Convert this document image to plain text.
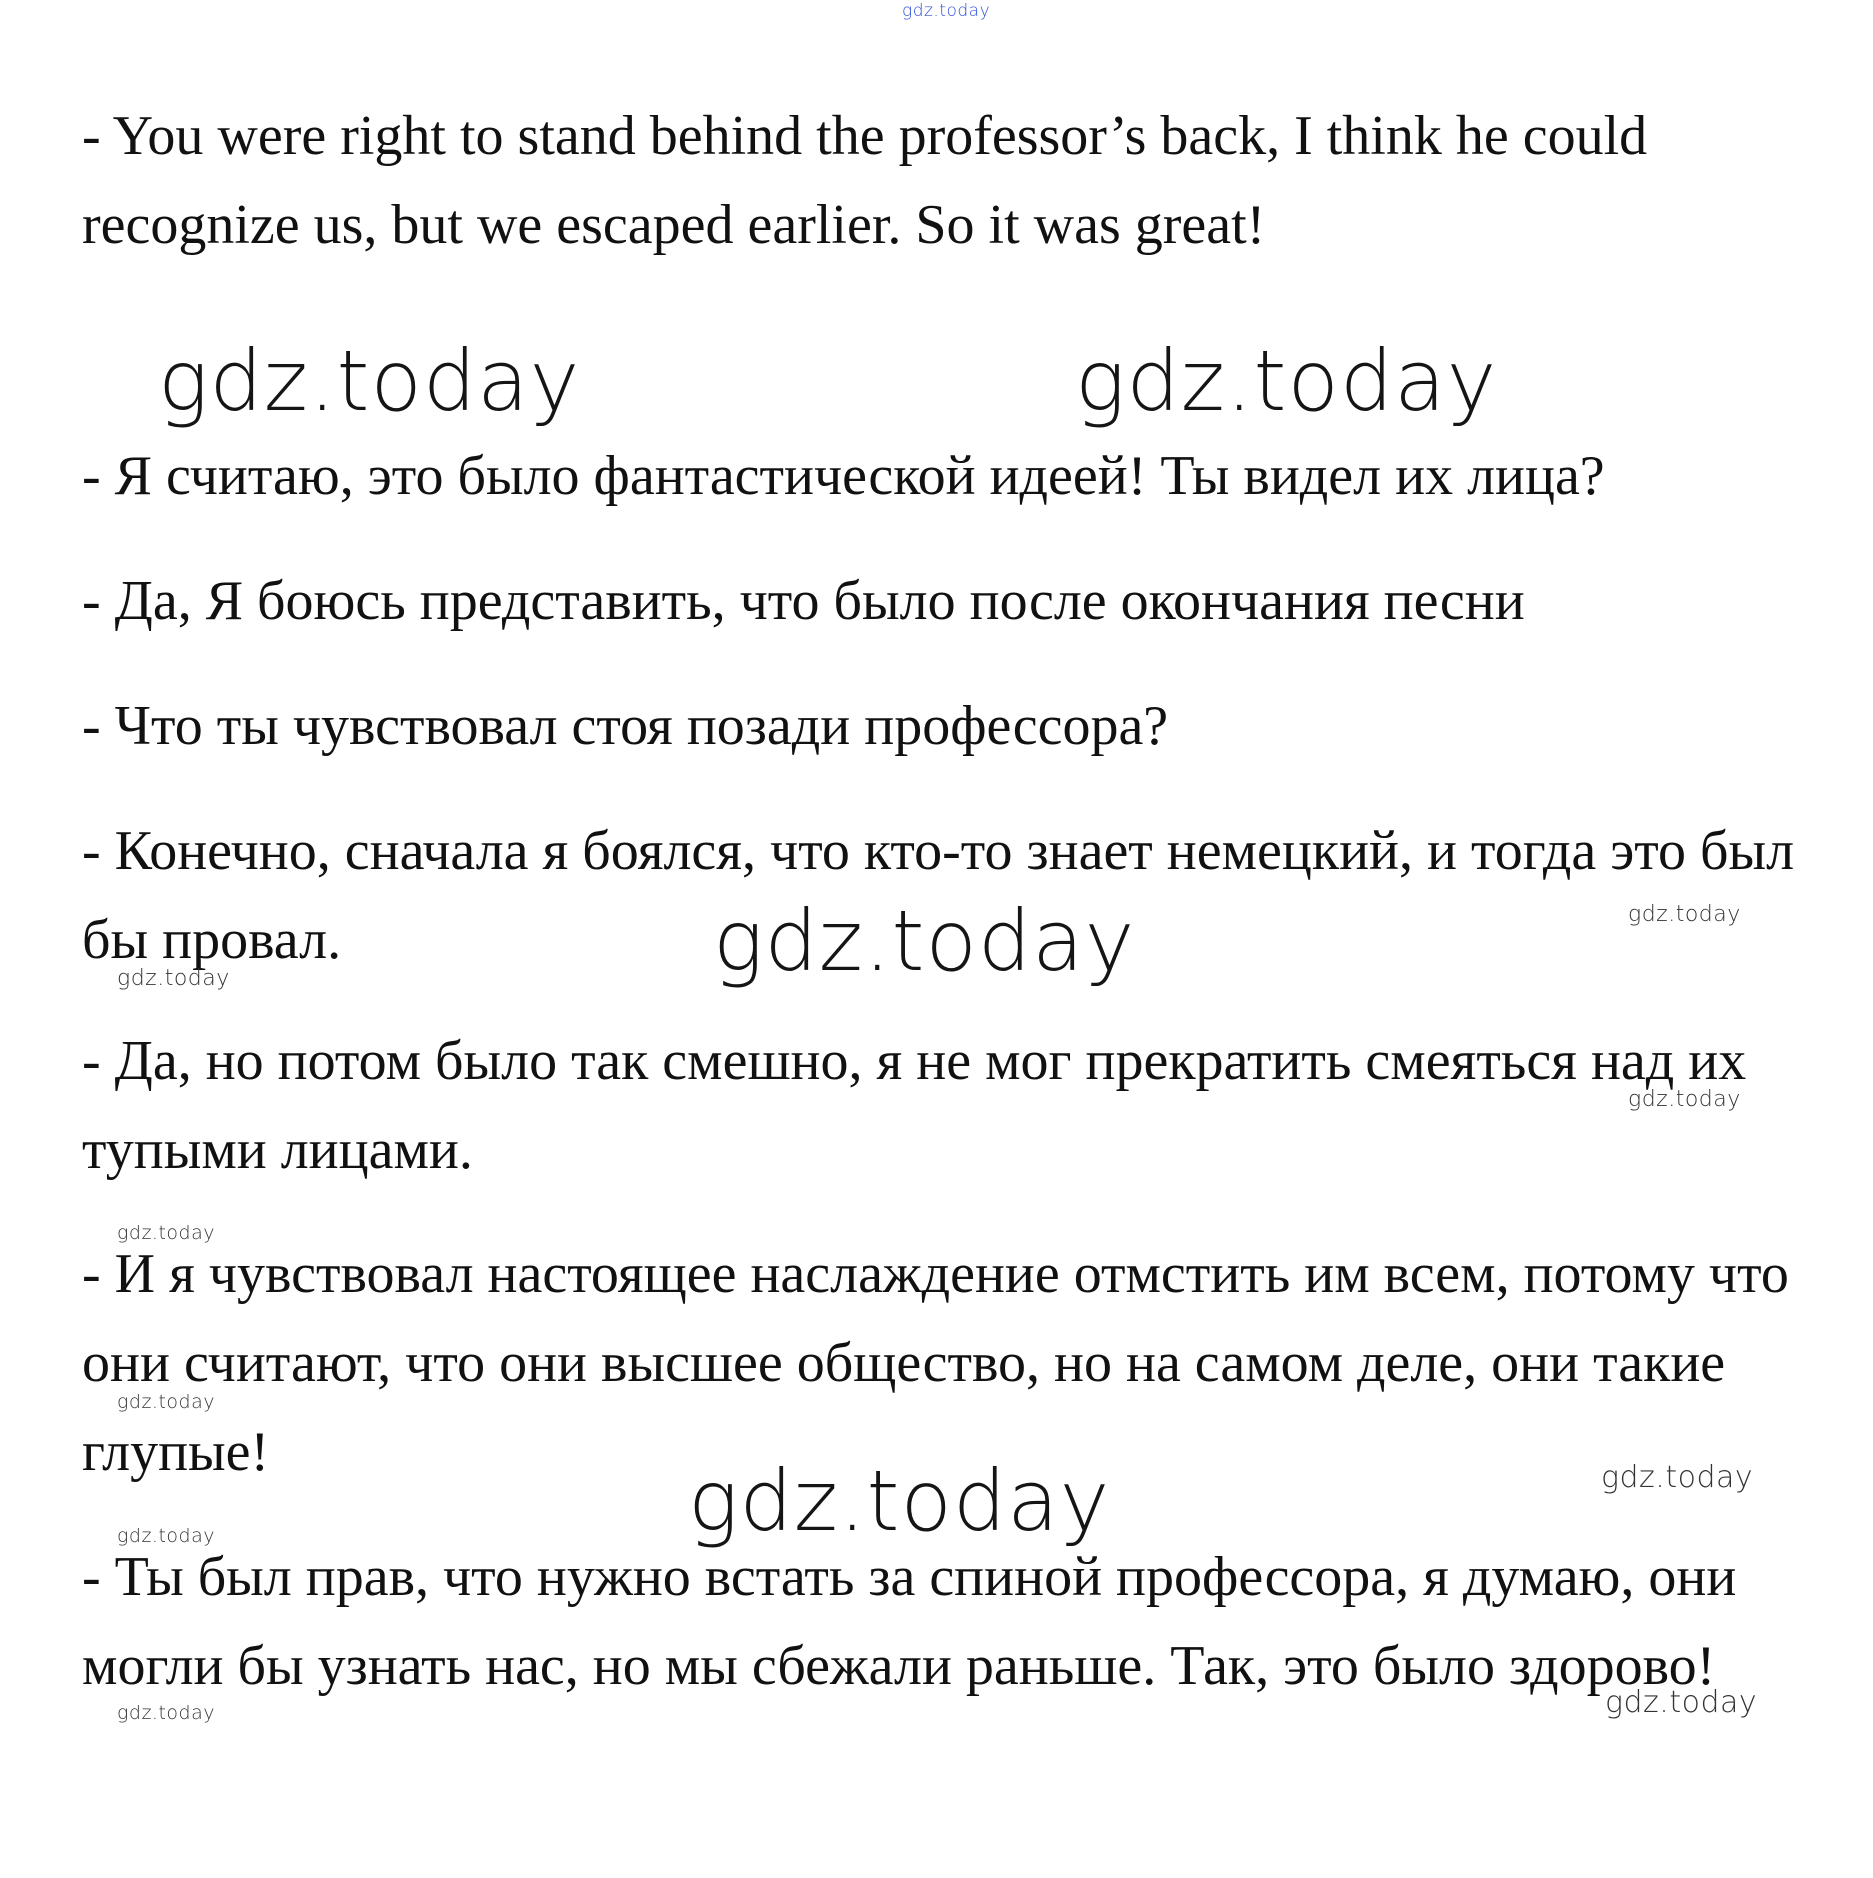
gdz.today

- You were right to stand behind the professor’s back, I think he could recognize us, but we escaped earlier. So it was great!

gdz.today	gdz.today

- Я считаю, это было фантастической идеей! Ты видел их лица?

- Да, Я боюсь представить, что было после окончания песни

- Что ты чувствовал стоя позади профессора?

- Конечно, сначала я боялся, что кто-то знает немецкий, и тогда это был бы провал.	gdz.today
gdz.today
gdz.today

- Да, но потом было так смешно, я не мог прекратить смеяться над их тупыми лицами.

gdz.today
gdz.today

- И я чувствовал настоящее наслаждение отмстить им всем, потому что они считают, что они высшее общество, но на самом деле, они такие глупые!

gdz.today
gdz.today
gdz.today
gdz.today

- Ты был прав, что нужно встать за спиной профессора, я думаю, они могли бы узнать нас, но мы сбежали раньше. Так, это было здорово!

gdz.today	gdz.today
